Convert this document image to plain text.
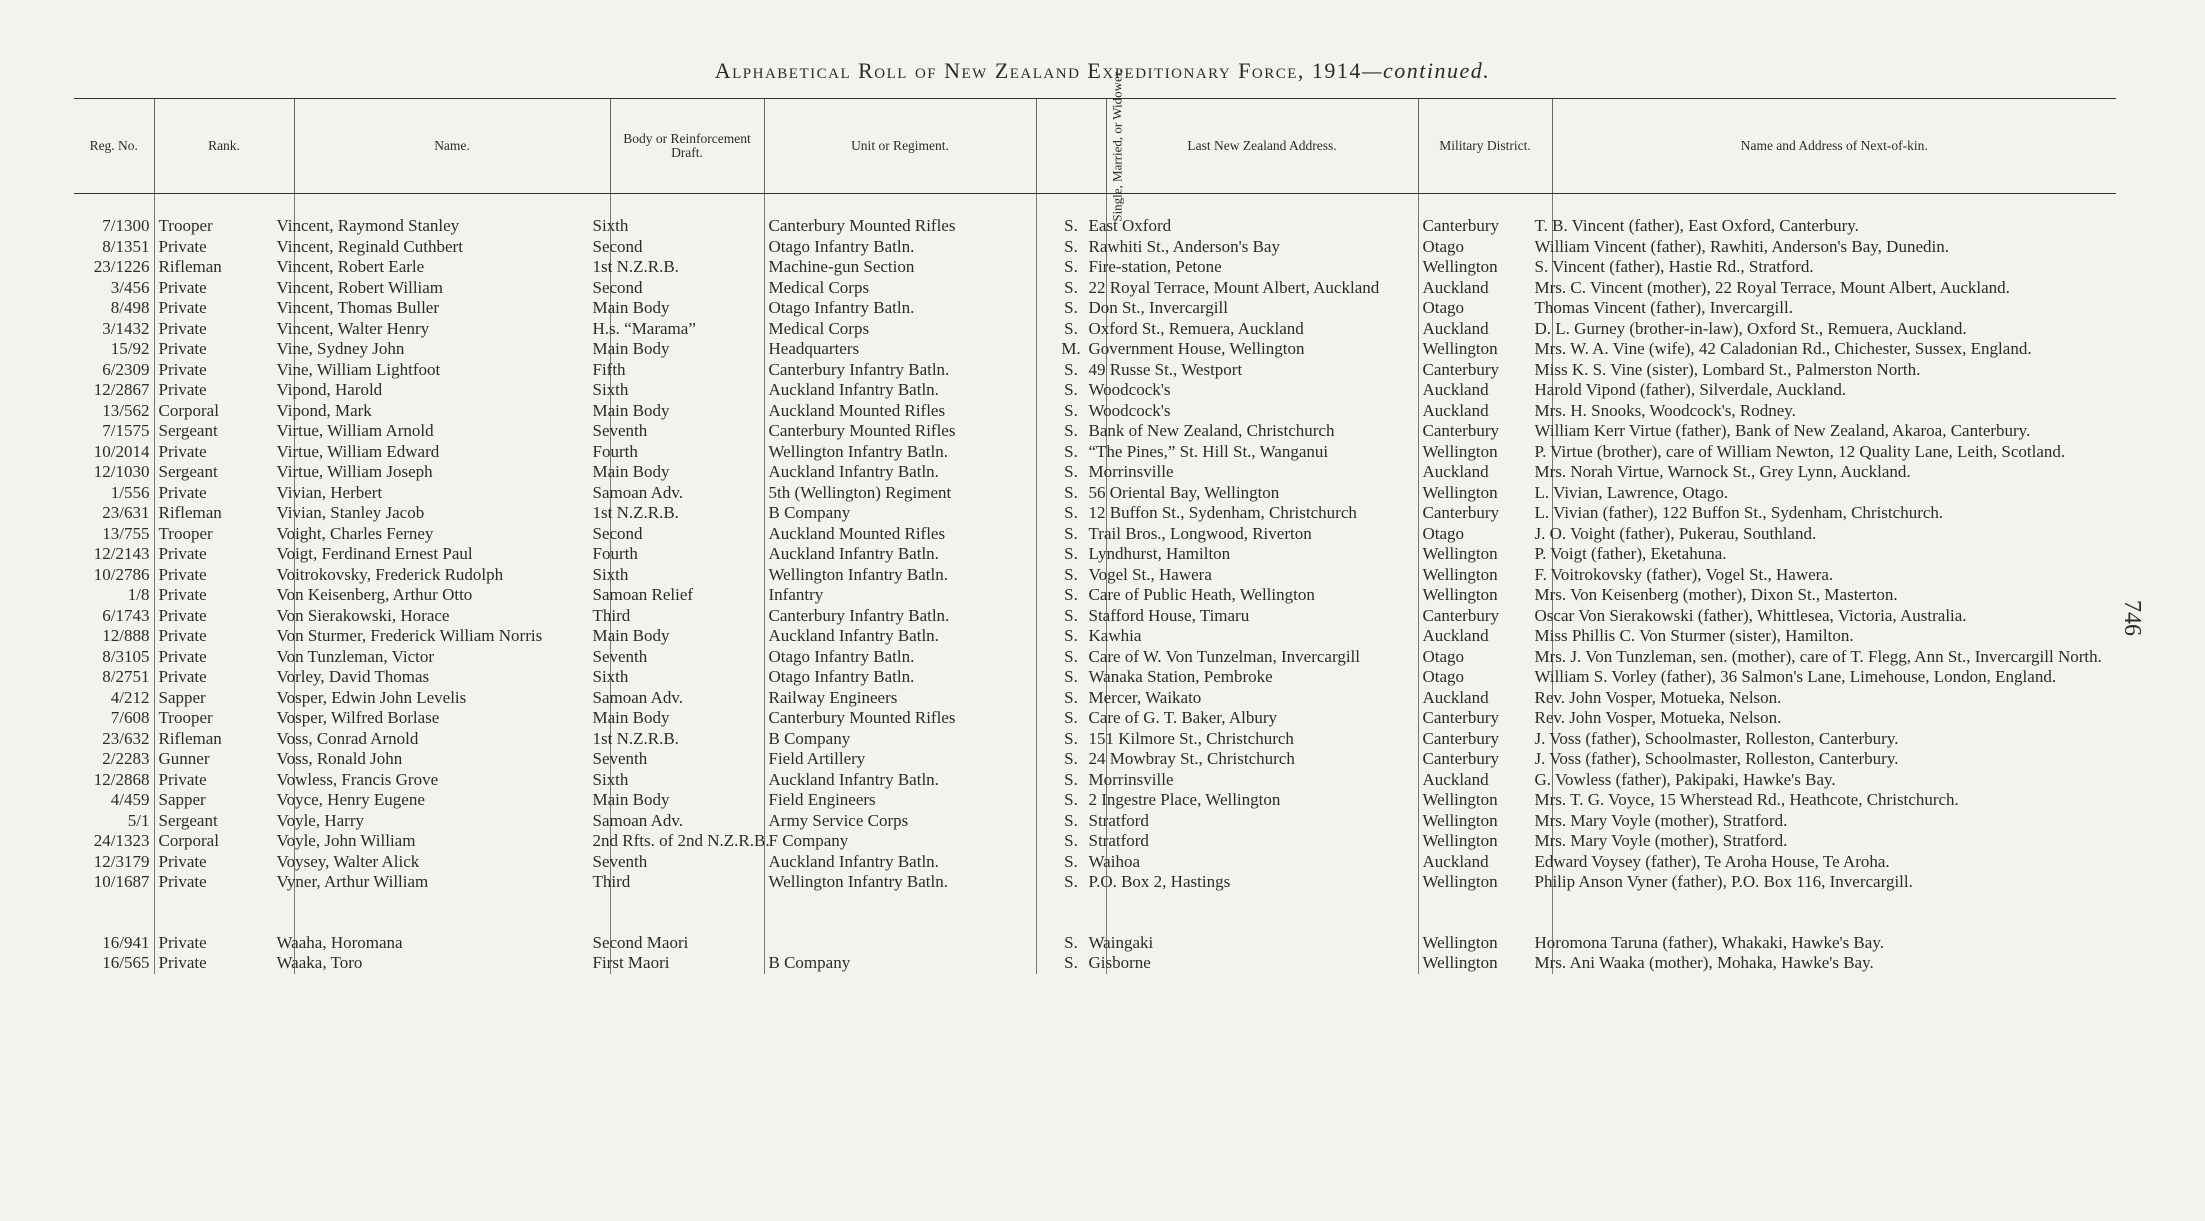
Alphabetical Roll of New Zealand Expeditionary Force, 1914—continued.
746
Reg. No.	Rank.	Name.	Body or Reinforcement Draft.	Unit or Regiment.	Single, Married, or Widower.	Last New Zealand Address.	Military District.	Name and Address of Next-of-kin.

7/1300	Trooper	Vincent, Raymond Stanley	Sixth	Canterbury Mounted Rifles	S.	East Oxford	Canterbury	T. B. Vincent (father), East Oxford, Canterbury.
8/1351	Private	Vincent, Reginald Cuthbert	Second	Otago Infantry Batln.	S.	Rawhiti St., Anderson's Bay	Otago	William Vincent (father), Rawhiti, Anderson's Bay, Dunedin.
23/1226	Rifleman	Vincent, Robert Earle	1st N.Z.R.B.	Machine-gun Section	S.	Fire-station, Petone	Wellington	S. Vincent (father), Hastie Rd., Stratford.
3/456	Private	Vincent, Robert William	Second	Medical Corps	S.	22 Royal Terrace, Mount Albert, Auckland	Auckland	Mrs. C. Vincent (mother), 22 Royal Terrace, Mount Albert, Auckland.
8/498	Private	Vincent, Thomas Buller	Main Body	Otago Infantry Batln.	S.	Don St., Invercargill	Otago	Thomas Vincent (father), Invercargill.
3/1432	Private	Vincent, Walter Henry	H.s. “Marama”	Medical Corps	S.	Oxford St., Remuera, Auckland	Auckland	D. L. Gurney (brother-in-law), Oxford St., Remuera, Auckland.
15/92	Private	Vine, Sydney John	Main Body	Headquarters	M.	Government House, Wellington	Wellington	Mrs. W. A. Vine (wife), 42 Caladonian Rd., Chichester, Sussex, England.
6/2309	Private	Vine, William Lightfoot	Fifth	Canterbury Infantry Batln.	S.	49 Russe St., Westport	Canterbury	Miss K. S. Vine (sister), Lombard St., Palmerston North.
12/2867	Private	Vipond, Harold	Sixth	Auckland Infantry Batln.	S.	Woodcock's	Auckland	Harold Vipond (father), Silverdale, Auckland.
13/562	Corporal	Vipond, Mark	Main Body	Auckland Mounted Rifles	S.	Woodcock's	Auckland	Mrs. H. Snooks, Woodcock's, Rodney.
7/1575	Sergeant	Virtue, William Arnold	Seventh	Canterbury Mounted Rifles	S.	Bank of New Zealand, Christchurch	Canterbury	William Kerr Virtue (father), Bank of New Zealand, Akaroa, Canterbury.
10/2014	Private	Virtue, William Edward	Fourth	Wellington Infantry Batln.	S.	“The Pines,” St. Hill St., Wanganui	Wellington	P. Virtue (brother), care of William Newton, 12 Quality Lane, Leith, Scotland.
12/1030	Sergeant	Virtue, William Joseph	Main Body	Auckland Infantry Batln.	S.	Morrinsville	Auckland	Mrs. Norah Virtue, Warnock St., Grey Lynn, Auckland.
1/556	Private	Vivian, Herbert	Samoan Adv.	5th (Wellington) Regiment	S.	56 Oriental Bay, Wellington	Wellington	L. Vivian, Lawrence, Otago.
23/631	Rifleman	Vivian, Stanley Jacob	1st N.Z.R.B.	B Company	S.	12 Buffon St., Sydenham, Christchurch	Canterbury	L. Vivian (father), 122 Buffon St., Sydenham, Christchurch.
13/755	Trooper	Voight, Charles Ferney	Second	Auckland Mounted Rifles	S.	Trail Bros., Longwood, Riverton	Otago	J. O. Voight (father), Pukerau, Southland.
12/2143	Private	Voigt, Ferdinand Ernest Paul	Fourth	Auckland Infantry Batln.	S.	Lyndhurst, Hamilton	Wellington	P. Voigt (father), Eketahuna.
10/2786	Private	Voitrokovsky, Frederick Rudolph	Sixth	Wellington Infantry Batln.	S.	Vogel St., Hawera	Wellington	F. Voitrokovsky (father), Vogel St., Hawera.
1/8	Private	Von Keisenberg, Arthur Otto	Samoan Relief	Infantry	S.	Care of Public Heath, Wellington	Wellington	Mrs. Von Keisenberg (mother), Dixon St., Masterton.
6/1743	Private	Von Sierakowski, Horace	Third	Canterbury Infantry Batln.	S.	Stafford House, Timaru	Canterbury	Oscar Von Sierakowski (father), Whittlesea, Victoria, Australia.
12/888	Private	Von Sturmer, Frederick William Norris	Main Body	Auckland Infantry Batln.	S.	Kawhia	Auckland	Miss Phillis C. Von Sturmer (sister), Hamilton.
8/3105	Private	Von Tunzleman, Victor	Seventh	Otago Infantry Batln.	S.	Care of W. Von Tunzelman, Invercargill	Otago	Mrs. J. Von Tunzleman, sen. (mother), care of T. Flegg, Ann St., Invercargill North.
8/2751	Private	Vorley, David Thomas	Sixth	Otago Infantry Batln.	S.	Wanaka Station, Pembroke	Otago	William S. Vorley (father), 36 Salmon's Lane, Limehouse, London, England.
4/212	Sapper	Vosper, Edwin John Levelis	Samoan Adv.	Railway Engineers	S.	Mercer, Waikato	Auckland	Rev. John Vosper, Motueka, Nelson.
7/608	Trooper	Vosper, Wilfred Borlase	Main Body	Canterbury Mounted Rifles	S.	Care of G. T. Baker, Albury	Canterbury	Rev. John Vosper, Motueka, Nelson.
23/632	Rifleman	Voss, Conrad Arnold	1st N.Z.R.B.	B Company	S.	151 Kilmore St., Christchurch	Canterbury	J. Voss (father), Schoolmaster, Rolleston, Canterbury.
2/2283	Gunner	Voss, Ronald John	Seventh	Field Artillery	S.	24 Mowbray St., Christchurch	Canterbury	J. Voss (father), Schoolmaster, Rolleston, Canterbury.
12/2868	Private	Vowless, Francis Grove	Sixth	Auckland Infantry Batln.	S.	Morrinsville	Auckland	G. Vowless (father), Pakipaki, Hawke's Bay.
4/459	Sapper	Voyce, Henry Eugene	Main Body	Field Engineers	S.	2 Ingestre Place, Wellington	Wellington	Mrs. T. G. Voyce, 15 Wherstead Rd., Heathcote, Christchurch.
5/1	Sergeant	Voyle, Harry	Samoan Adv.	Army Service Corps	S.	Stratford	Wellington	Mrs. Mary Voyle (mother), Stratford.
24/1323	Corporal	Voyle, John William	2nd Rfts. of 2nd N.Z.R.B.	F Company	S.	Stratford	Wellington	Mrs. Mary Voyle (mother), Stratford.
12/3179	Private	Voysey, Walter Alick	Seventh	Auckland Infantry Batln.	S.	Waihoa	Auckland	Edward Voysey (father), Te Aroha House, Te Aroha.
10/1687	Private	Vyner, Arthur William	Third	Wellington Infantry Batln.	S.	P.O. Box 2, Hastings	Wellington	Philip Anson Vyner (father), P.O. Box 116, Invercargill.

16/941	Private	Waaha, Horomana	Second Maori		S.	Waingaki	Wellington	Horomona Taruna (father), Whakaki, Hawke's Bay.
16/565	Private	Waaka, Toro	First Maori	B Company	S.	Gisborne	Wellington	Mrs. Ani Waaka (mother), Mohaka, Hawke's Bay.
